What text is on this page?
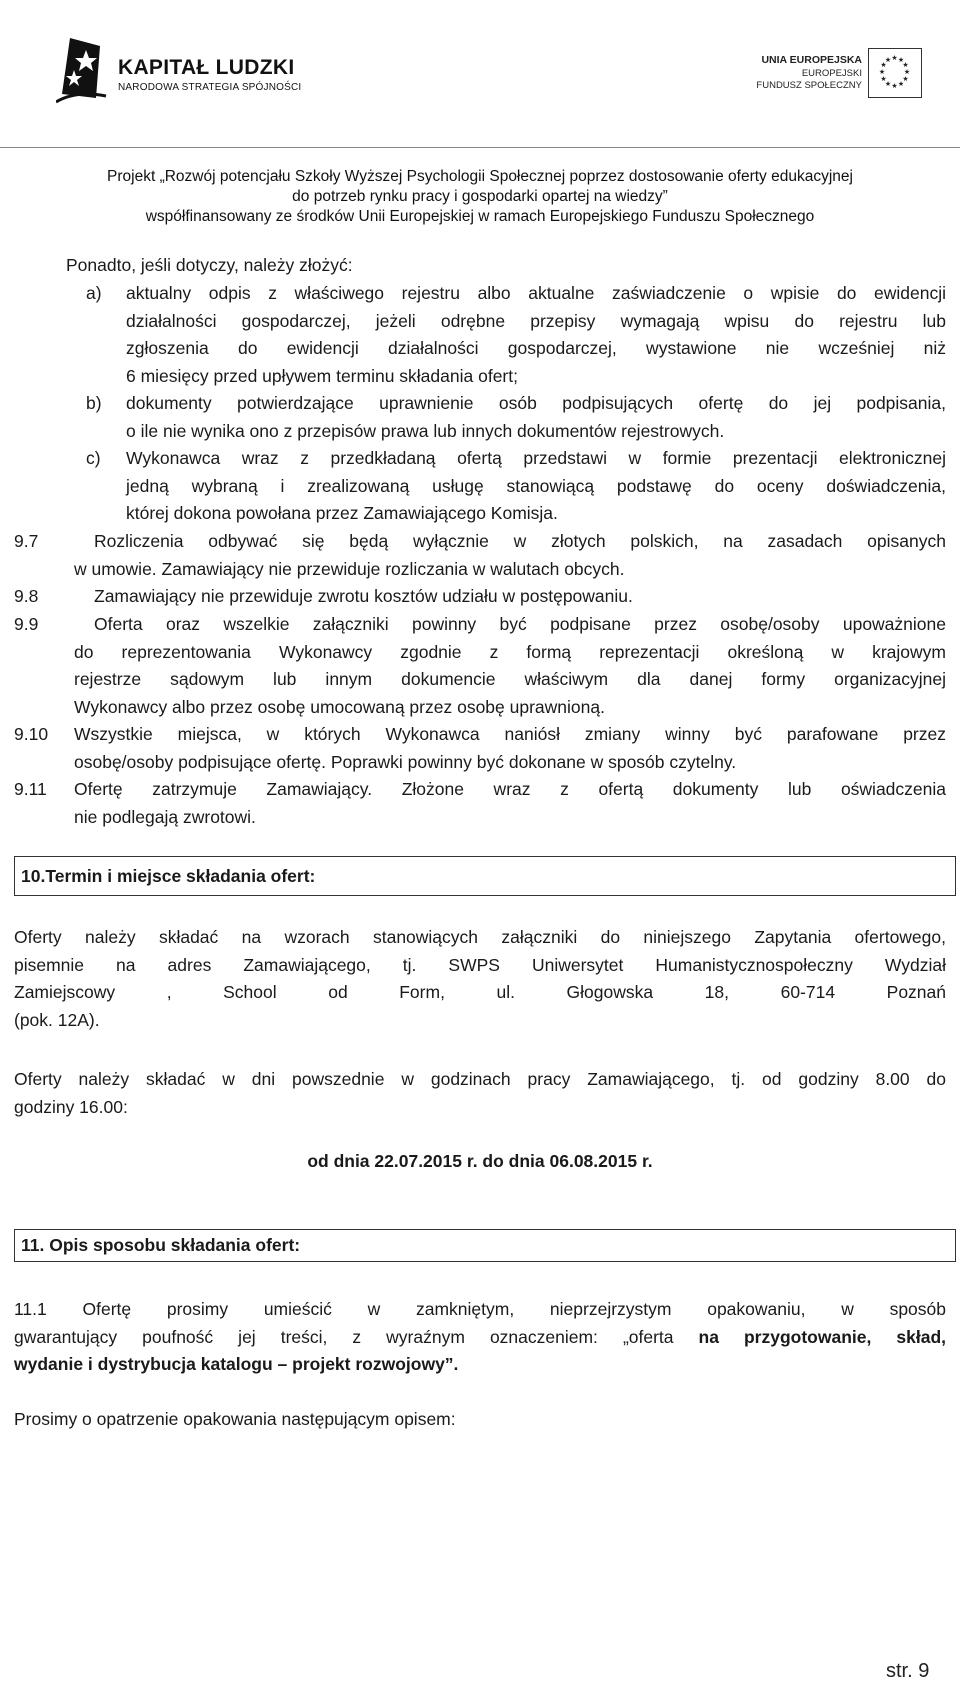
KAPITAŁ LUDZKI
NARODOWA STRATEGIA SPÓJNOŚCI
UNIA EUROPEJSKA
EUROPEJSKI
FUNDUSZ SPOŁECZNY
★ ★
★
★
★
★
★
★
★
★
★
★
Projekt „Rozwój potencjału Szkoły Wyższej Psychologii Społecznej poprzez dostosowanie oferty edukacyjnej
do potrzeb rynku pracy i gospodarki opartej na wiedzy”
współfinansowany ze środków Unii Europejskiej w ramach Europejskiego Funduszu Społecznego
Ponadto, jeśli dotyczy, należy złożyć:
a) aktualny odpis z właściwego rejestru albo aktualne zaświadczenie o wpisie do ewidencji
działalności gospodarczej, jeżeli odrębne przepisy wymagają wpisu do rejestru lub
zgłoszenia do ewidencji działalności gospodarczej, wystawione nie wcześniej niż
6 miesięcy przed upływem terminu składania ofert;
b) dokumenty potwierdzające uprawnienie osób podpisujących ofertę do jej podpisania,
o ile nie wynika ono z przepisów prawa lub innych dokumentów rejestrowych.
c) Wykonawca wraz z przedkładaną ofertą przedstawi w formie prezentacji elektronicznej
jedną wybraną i zrealizowaną usługę stanowiącą podstawę do oceny doświadczenia,
której dokona powołana przez Zamawiającego Komisja.
9.7	Rozliczenia odbywać się będą wyłącznie w złotych polskich, na zasadach opisanych
w umowie. Zamawiający nie przewiduje rozliczania w walutach obcych.
9.8	Zamawiający nie przewiduje zwrotu kosztów udziału w postępowaniu.
9.9	Oferta oraz wszelkie załączniki powinny być podpisane przez osobę/osoby upoważnione
do reprezentowania Wykonawcy zgodnie z formą reprezentacji określoną w krajowym
rejestrze sądowym lub innym dokumencie właściwym dla danej formy organizacyjnej
Wykonawcy albo przez osobę umocowaną przez osobę uprawnioną.
9.10 Wszystkie miejsca, w których Wykonawca naniósł zmiany winny być parafowane przez
osobę/osoby podpisujące ofertę. Poprawki powinny być dokonane w sposób czytelny.
9.11 Ofertę zatrzymuje Zamawiający. Złożone wraz z ofertą dokumenty lub oświadczenia
nie podlegają zwrotowi.
10.Termin i miejsce składania ofert:
Oferty należy składać na wzorach stanowiących załączniki do niniejszego Zapytania ofertowego,
pisemnie na adres Zamawiającego, tj. SWPS Uniwersytet Humanistycznospołeczny Wydział
Zamiejscowy , School od Form, ul. Głogowska 18, 60-714 Poznań
(pok. 12A).
Oferty należy składać w dni powszednie w godzinach pracy Zamawiającego, tj. od godziny 8.00 do
godziny 16.00:
od dnia 22.07.2015 r. do dnia 06.08.2015 r.
11. Opis sposobu składania ofert:
11.1 Ofertę prosimy umieścić w zamkniętym, nieprzejrzystym opakowaniu, w sposób
gwarantujący poufność jej treści, z wyraźnym oznaczeniem: „oferta na przygotowanie, skład,
wydanie i dystrybucja katalogu – projekt rozwojowy”.
Prosimy o opatrzenie opakowania następującym opisem:
str. 9
